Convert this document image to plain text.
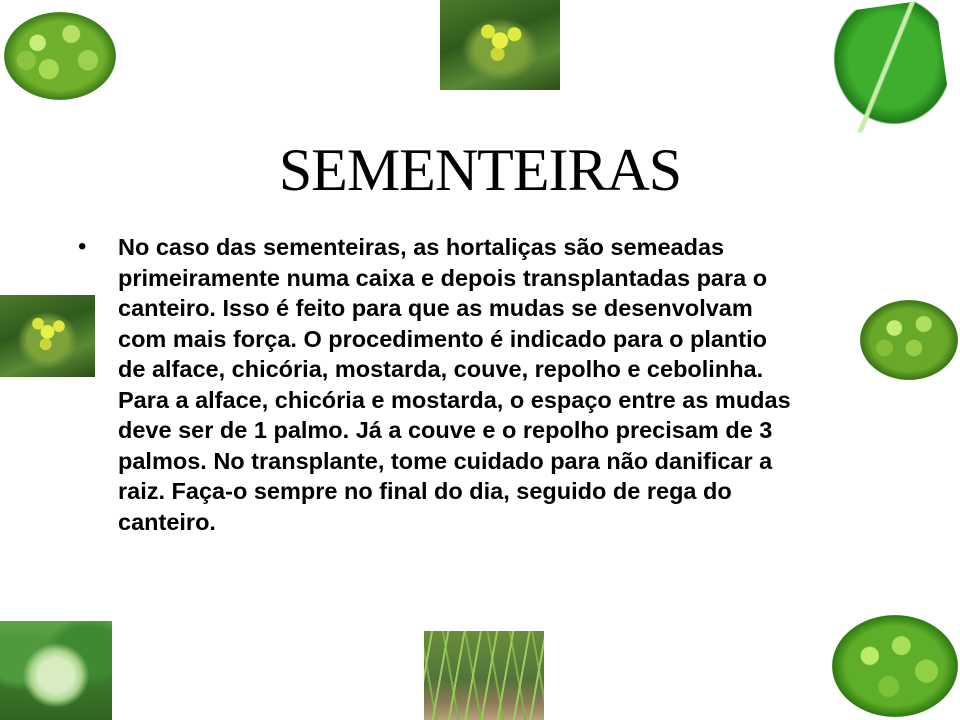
SEMENTEIRAS
• No caso das sementeiras, as hortaliças são semeadas
primeiramente numa caixa e depois transplantadas para o
canteiro. Isso é feito para que as mudas se desenvolvam
com mais força. O procedimento é indicado para o plantio
de alface, chicória, mostarda, couve, repolho e cebolinha.
Para a alface, chicória e mostarda, o espaço entre as mudas
deve ser de 1 palmo. Já a couve e o repolho precisam de 3
palmos. No transplante, tome cuidado para não danificar a
raiz. Faça-o sempre no final do dia, seguido de rega do
canteiro.
